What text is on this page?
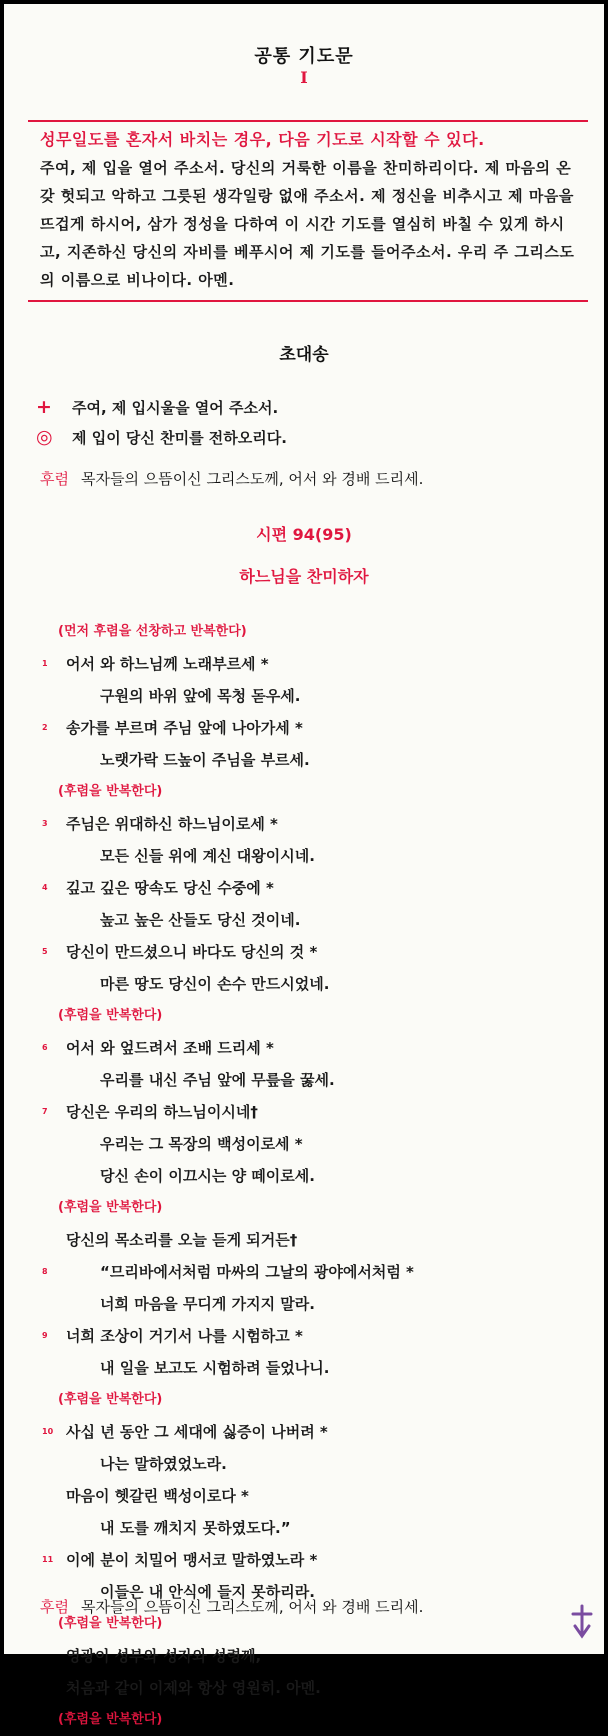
공통 기도문
I
성무일도를 혼자서 바치는 경우, 다음 기도로 시작할 수 있다.
주여, 제 입을 열어 주소서. 당신의 거룩한 이름을 찬미하리이다. 제 마음의 온갖 헛되고 악하고 그릇된 생각일랑 없애 주소서. 제 정신을 비추시고 제 마음을 뜨겁게 하시어, 삼가 정성을 다하여 이 시간 기도를 열심히 바칠 수 있게 하시고, 지존하신 당신의 자비를 베푸시어 제 기도를 들어주소서. 우리 주 그리스도의 이름으로 비나이다. 아멘.
초대송
+	주여, 제 입시울을 열어 주소서.
◎	제 입이 당신 찬미를 전하오리다.
후렴 목자들의 으뜸이신 그리스도께, 어서 와 경배 드리세.
시편 94(95)
하느님을 찬미하자
(먼저 후렴을 선창하고 반복한다)
1 어서 와 하느님께 노래부르세 *
구원의 바위 앞에 목청 돋우세.
2 송가를 부르며 주님 앞에 나아가세 *
노랫가락 드높이 주님을 부르세.
(후렴을 반복한다)
3 주님은 위대하신 하느님이로세 *
모든 신들 위에 계신 대왕이시네.
4 깊고 깊은 땅속도 당신 수중에 *
높고 높은 산들도 당신 것이네.
5 당신이 만드셨으니 바다도 당신의 것 *
마른 땅도 당신이 손수 만드시었네.
(후렴을 반복한다)
6 어서 와 엎드려서 조배 드리세 *
우리를 내신 주님 앞에 무릎을 꿇세.
7 당신은 우리의 하느님이시네†
우리는 그 목장의 백성이로세 *
당신 손이 이끄시는 양 떼이로세.
(후렴을 반복한다)
당신의 목소리를 오늘 듣게 되거든†
8	“므리바에서처럼 마싸의 그날의 광야에서처럼 *
너희 마음을 무디게 가지지 말라.
9 너희 조상이 거기서 나를 시험하고 *
내 일을 보고도 시험하려 들었나니.
(후렴을 반복한다)
10 사십 년 동안 그 세대에 싫증이 나버려 *
나는 말하였었노라.
마음이 헷갈린 백성이로다 *
내 도를 깨치지 못하였도다.”
11 이에 분이 치밀어 맹서코 말하였노라 *
이들은 내 안식에 들지 못하리라.
(후렴을 반복한다)
영광이 성부와 성자와 성령께,
처음과 같이 이제와 항상 영원히. 아멘.
(후렴을 반복한다)
후렴 목자들의 으뜸이신 그리스도께, 어서 와 경배 드리세.
